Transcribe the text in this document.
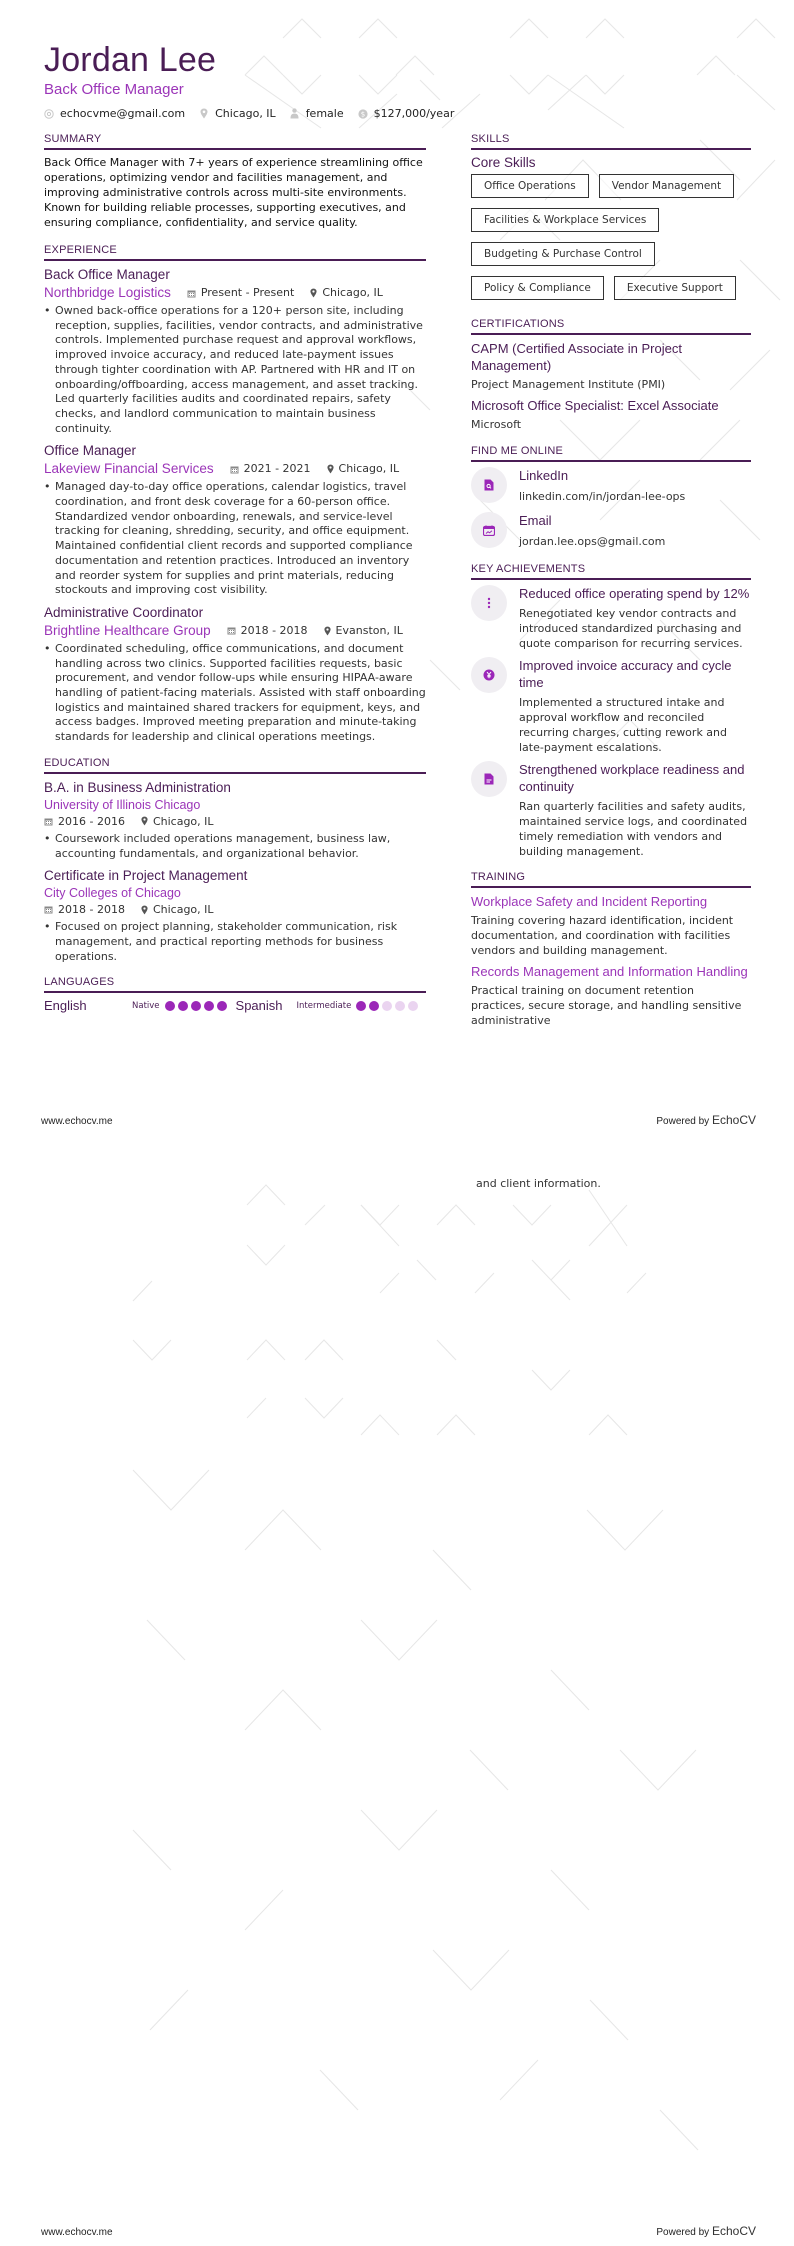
Jordan Lee
Back Office Manager
echocvme@gmail.com	Chicago, IL	female $ $127,000/year
SUMMARY
Back Office Manager with 7+ years of experience streamlining office operations, optimizing vendor and facilities management, and improving administrative controls across multi-site environments. Known for building reliable processes, supporting executives, and ensuring compliance, confidentiality, and service quality.
EXPERIENCE
Back Office Manager
Northbridge Logistics	Present - Present	Chicago, IL
• Owned back-office operations for a 120+ person site, including reception, supplies, facilities, vendor contracts, and administrative controls. Implemented purchase request and approval workflows, improved invoice accuracy, and reduced late-payment issues through tighter coordination with AP. Partnered with HR and IT on onboarding/offboarding, access management, and asset tracking. Led quarterly facilities audits and coordinated repairs, safety checks, and landlord communication to maintain business continuity.
Office Manager
Lakeview Financial Services	2021 - 2021	Chicago, IL
• Managed day-to-day office operations, calendar logistics, travel coordination, and front desk coverage for a 60-person office. Standardized vendor onboarding, renewals, and service-level tracking for cleaning, shredding, security, and office equipment. Maintained confidential client records and supported compliance documentation and retention practices. Introduced an inventory and reorder system for supplies and print materials, reducing stockouts and improving cost visibility.
Administrative Coordinator
Brightline Healthcare Group	2018 - 2018	Evanston, IL
• Coordinated scheduling, office communications, and document handling across two clinics. Supported facilities requests, basic procurement, and vendor follow-ups while ensuring HIPAA-aware handling of patient-facing materials. Assisted with staff onboarding logistics and maintained shared trackers for equipment, keys, and access badges. Improved meeting preparation and minute-taking standards for leadership and clinical operations meetings.
EDUCATION
B.A. in Business Administration
University of Illinois Chicago
2016 - 2016	Chicago, IL
• Coursework included operations management, business law, accounting fundamentals, and organizational behavior.
Certificate in Project Management
City Colleges of Chicago
2018 - 2018	Chicago, IL
• Focused on project planning, stakeholder communication, risk management, and practical reporting methods for business operations.
LANGUAGES
English	Native	Spanish	Intermediate
SKILLS
Core Skills
Office Operations	Vendor Management
Facilities & Workplace Services
Budgeting & Purchase Control
Policy & Compliance	Executive Support
CERTIFICATIONS
CAPM (Certified Associate in Project Management)
Project Management Institute (PMI)
Microsoft Office Specialist: Excel Associate
Microsoft
FIND ME ONLINE
LinkedIn
linkedin.com/in/jordan-lee-ops
Email
jordan.lee.ops@gmail.com
KEY ACHIEVEMENTS
Reduced office operating spend by 12%
Renegotiated key vendor contracts and introduced standardized purchasing and quote comparison for recurring services.
Improved invoice accuracy and cycle time
Implemented a structured intake and approval workflow and reconciled recurring charges, cutting rework and late-payment escalations.
Strengthened workplace readiness and continuity
Ran quarterly facilities and safety audits, maintained service logs, and coordinated timely remediation with vendors and building management.
TRAINING
Workplace Safety and Incident Reporting
Training covering hazard identification, incident documentation, and coordination with facilities vendors and building management.
Records Management and Information Handling
Practical training on document retention practices, secure storage, and handling sensitive administrative
www.echocv.me	Powered by EchoCV
and client information.
www.echocv.me	Powered by EchoCV
